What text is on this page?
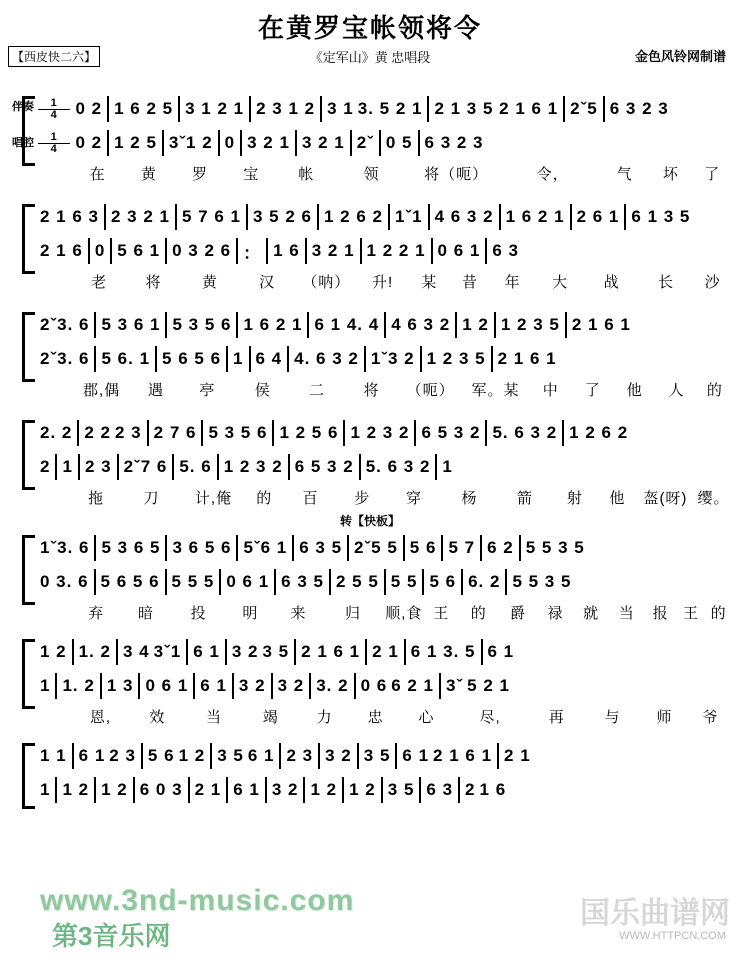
在黄罗宝帐领将令
《定军山》黄 忠唱段
【西皮快二六】	金色风铃网制谱
伴奏
唱腔

1
4

	0 2 1 6 2 5 3 1 2 1 2 3 1 2 3 1 3. 5 2 1 2 1 3 5 2 1 6 1 2ˇ5 6 3 2 3

1
4

	0 2 1 2 5 3ˇ1 2 0 3 2 1 3 2 1 2ˇ 0 5 6 3 2 3
在	黄	罗	宝	帐	领	将（呃）	令，	气	坏	了
2 1 6 3 2 3 2 1 5 7 6 1 3 5 2 6 1 2 6 2 1ˇ1 4 6 3 2 1 6 2 1 2 6 1 6 1 3 5
2 1 6 0 5 6 1 0 3 2 6 ： 1 6 3 2 1 1 2 2 1 0 6 1 6 3
老	将	黄	汉	（呐）	升!	某	昔	年	大	战	长	沙
2ˇ3. 6 5 3 6 1 5 3 5 6 1 6 2 1 6 1 4. 4 4 6 3 2 1 2 1 2 3 5 2 1 6 1
2ˇ3. 6 5 6. 1 5 6 5 6 1 6 4 4. 6 3 2 1ˇ3 2 1 2 3 5 2 1 6 1
郡,偶	遇	亭	侯	二	将	（呃）	军。某	中	了	他	人	的
2. 2 2 2 2 3 2 7 6 5 3 5 6 1 2 5 6 1 2 3 2 6 5 3 2 5. 6 3 2 1 2 6 2
2 1 2 3 2ˇ7 6 5. 6 1 2 3 2 6 5 3 2 5. 6 3 2 1
拖	刀	计,俺	的	百	步	穿	杨	箭	射	他	盔(呀) 缨。
转【快板】
1ˇ3. 6 5 3 6 5 3 6 5 6 5ˇ6 1 6 3 5 2ˇ5 5 5 6 5 7 6 2 5 5 3 5
0 3. 6 5 6 5 6 5 5 5 0 6 1 6 3 5 2 5 5 5 5 5 6 6. 2 5 5 3 5
弃	暗	投	明	来	归	顺,食 王	的	爵	禄	就	当	报 王 的
1 2 1. 2 3 4 3ˇ1 6 1 3 2 3 5 2 1 6 1 2 1 6 1 3. 5 6 1
1 1. 2 1 3 0 6 1 6 1 3 2 3 2 3. 2 0 6 6 2 1 3ˇ 5 2 1
恩,	效	当	竭	力	忠	心	尽,	再	与	师	爷
1 1 6 1 2 3 5 6 1 2 3 5 6 1 2 3 3 2 3 5 6 1 2 1 6 1 2 1
1 1 2 1 2 6 0 3 2 1 6 1 3 2 1 2 1 2 3 5 6 3 2 1 6
www.3nd-music.com
第3音乐网
国乐曲谱网
WWW.HTTPCN.COM
